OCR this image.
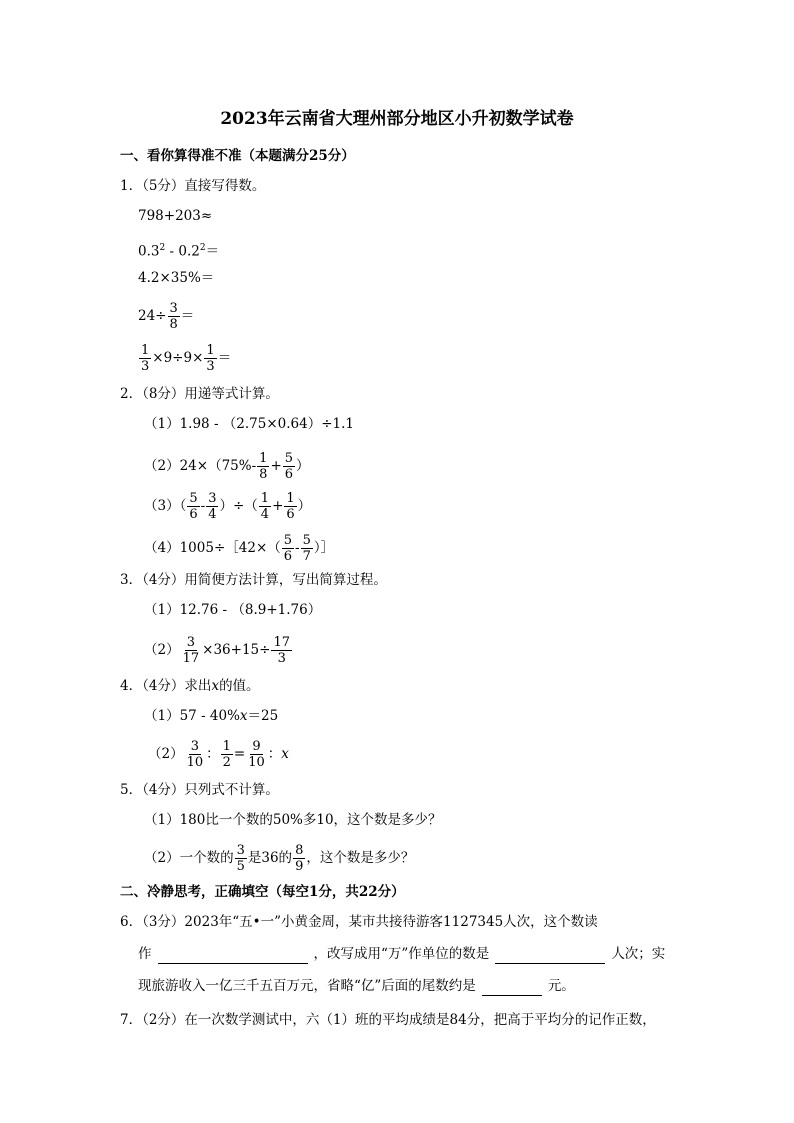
2023年云南省大理州部分地区小升初数学试卷
一、看你算得准不准（本题满分25分）
1．（5分）直接写得数。
798+203≈
$0.3^2 - 0.2^2=$
4.2×35%＝
$24\div \frac{3}{8}$ ＝
$\frac{1}{3} \times 9\div 9\times \frac{1}{3}$ ＝
2．（8分）用递等式计算。
（1）1.98 - （2.75×0.64）÷1.1
$(2)24\times(75\%- \frac{1}{8} + \frac{5}{6}$ ）
$(3)( \frac{5}{6} - \frac{3}{4}$ ）÷（ $\frac{1}{4} + \frac{1}{6}$ ）
（4）1005÷［42×（ $\frac{5}{6} - \frac{5}{7}$ ）］
3．（4分）用简便方法计算，写出简算过程。
（1）12.76 - （8.9+1.76）
$(2) \frac{3}{17} \times 36+15\div \frac{17}{3}$
4．（4分）求出x的值。
（1）57 - 40%x＝25
$(2) \frac{3}{10}$ ： $\frac{1}{2} = \frac{9}{10}$ ：x
5．（4分）只列式不计算。
（1）180比一个数的50%多10，这个数是多少？
（2）一个数的 $\frac{3}{5}$ 是36的 $\frac{8}{9}$ ，这个数是多少？
二、冷静思考，正确填空（每空1分，共22分）
6．（3分）2023年“五•一”小黄金周，某市共接待游客1127345人次，这个数读
作	，改写成用“万”作单位的数是	人次；实
现旅游收入一亿三千五百万元，省略“亿”后面的尾数约是	元。
7．（2分）在一次数学测试中，六（1）班的平均成绩是84分，把高于平均分的记作正数，
